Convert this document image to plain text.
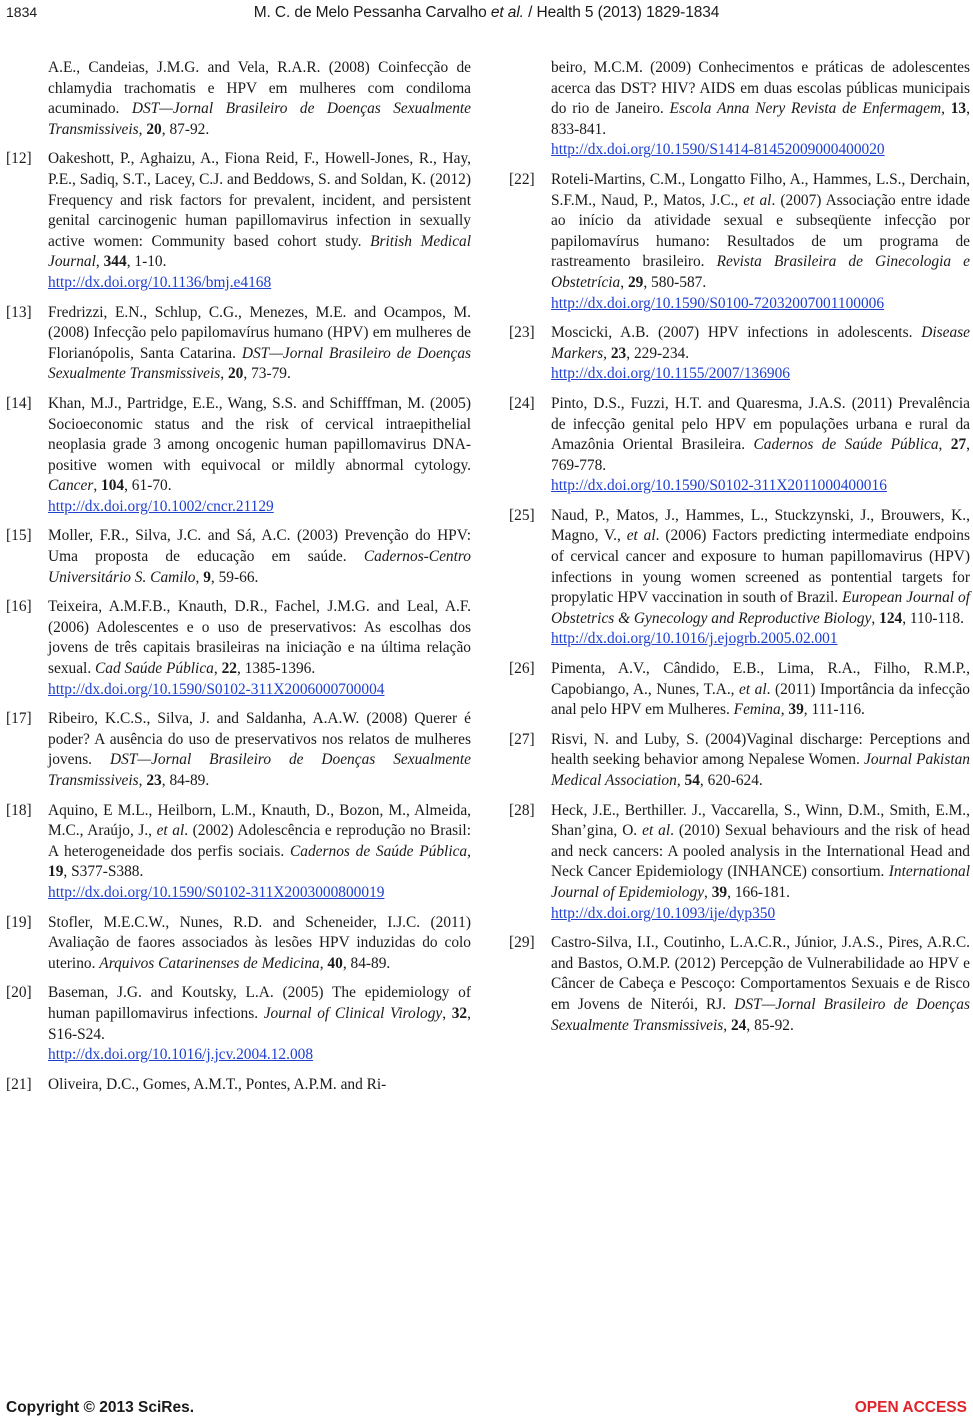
1834	M. C. de Melo Pessanha Carvalho et al. / Health 5 (2013) 1829-1834
A.E., Candeias, J.M.G. and Vela, R.A.R. (2008) Coinfecção de chlamydia trachomatis e HPV em mulheres com condiloma acuminado. DST—Jornal Brasileiro de Doenças Sexualmente Transmissiveis, 20, 87-92.
[12] Oakeshott, P., Aghaizu, A., Fiona Reid, F., Howell-Jones, R., Hay, P.E., Sadiq, S.T., Lacey, C.J. and Beddows, S. and Soldan, K. (2012) Frequency and risk factors for prevalent, incident, and persistent genital carcinogenic human papillomavirus infection in sexually active women: Community based cohort study. British Medical Journal, 344, 1-10.
http://dx.doi.org/10.1136/bmj.e4168
[13] Fredrizzi, E.N., Schlup, C.G., Menezes, M.E. and Ocampos, M. (2008) Infecção pelo papilomavírus humano (HPV) em mulheres de Florianópolis, Santa Catarina. DST—Jornal Brasileiro de Doenças Sexualmente Transmissiveis, 20, 73-79.
[14] Khan, M.J., Partridge, E.E., Wang, S.S. and Schifffman, M. (2005) Socioeconomic status and the risk of cervical intraepithelial neoplasia grade 3 among oncogenic human papillomavirus DNA-positive women with equivocal or mildly abnormal cytology. Cancer, 104, 61-70.
http://dx.doi.org/10.1002/cncr.21129
[15] Moller, F.R., Silva, J.C. and Sá, A.C. (2003) Prevenção do HPV: Uma proposta de educação em saúde. Cadernos-Centro Universitário S. Camilo, 9, 59-66.
[16] Teixeira, A.M.F.B., Knauth, D.R., Fachel, J.M.G. and Leal, A.F. (2006) Adolescentes e o uso de preservativos: As escolhas dos jovens de três capitais brasileiras na iniciação e na última relação sexual. Cad Saúde Pública, 22, 1385-1396.
http://dx.doi.org/10.1590/S0102-311X2006000700004
[17] Ribeiro, K.C.S., Silva, J. and Saldanha, A.A.W. (2008) Querer é poder? A ausência do uso de preservativos nos relatos de mulheres jovens. DST—Jornal Brasileiro de Doenças Sexualmente Transmissiveis, 23, 84-89.
[18] Aquino, E M.L., Heilborn, L.M., Knauth, D., Bozon, M., Almeida, M.C., Araújo, J., et al. (2002) Adolescência e reprodução no Brasil: A heterogeneidade dos perfis sociais. Cadernos de Saúde Pública, 19, S377-S388.
http://dx.doi.org/10.1590/S0102-311X2003000800019
[19] Stofler, M.E.C.W., Nunes, R.D. and Scheneider, I.J.C. (2011) Avaliação de faores associados às lesões HPV induzidas do colo uterino. Arquivos Catarinenses de Medicina, 40, 84-89.
[20] Baseman, J.G. and Koutsky, L.A. (2005) The epidemiology of human papillomavirus infections. Journal of Clinical Virology, 32, S16-S24.
http://dx.doi.org/10.1016/j.jcv.2004.12.008
[21] Oliveira, D.C., Gomes, A.M.T., Pontes, A.P.M. and Ri-
beiro, M.C.M. (2009) Conhecimentos e práticas de adolescentes acerca das DST? HIV? AIDS em duas escolas públicas municipais do rio de Janeiro. Escola Anna Nery Revista de Enfermagem, 13, 833-841.
http://dx.doi.org/10.1590/S1414-81452009000400020
[22] Roteli-Martins, C.M., Longatto Filho, A., Hammes, L.S., Derchain, S.F.M., Naud, P., Matos, J.C., et al. (2007) Associação entre idade ao início da atividade sexual e subseqüente infecção por papilomavírus humano: Resultados de um programa de rastreamento brasileiro. Revista Brasileira de Ginecologia e Obstetrícia, 29, 580-587.
http://dx.doi.org/10.1590/S0100-72032007001100006
[23] Moscicki, A.B. (2007) HPV infections in adolescents. Disease Markers, 23, 229-234.
http://dx.doi.org/10.1155/2007/136906
[24] Pinto, D.S., Fuzzi, H.T. and Quaresma, J.A.S. (2011) Prevalência de infecção genital pelo HPV em populações urbana e rural da Amazônia Oriental Brasileira. Cadernos de Saúde Pública, 27, 769-778.
http://dx.doi.org/10.1590/S0102-311X2011000400016
[25] Naud, P., Matos, J., Hammes, L., Stuckzynski, J., Brouwers, K., Magno, V., et al. (2006) Factors predicting intermediate endpoins of cervical cancer and exposure to human papillomavirus (HPV) infections in young women screened as pontential targets for propylatic HPV vaccination in south of Brazil. European Journal of Obstetrics & Gynecology and Reproductive Biology, 124, 110-118.
http://dx.doi.org/10.1016/j.ejogrb.2005.02.001
[26] Pimenta, A.V., Cândido, E.B., Lima, R.A., Filho, R.M.P., Capobiango, A., Nunes, T.A., et al. (2011) Importância da infecção anal pelo HPV em Mulheres. Femina, 39, 111-116.
[27] Risvi, N. and Luby, S. (2004)Vaginal discharge: Perceptions and health seeking behavior among Nepalese Women. Journal Pakistan Medical Association, 54, 620-624.
[28] Heck, J.E., Berthiller. J., Vaccarella, S., Winn, D.M., Smith, E.M., Shan’gina, O. et al. (2010) Sexual behaviours and the risk of head and neck cancers: A pooled analysis in the International Head and Neck Cancer Epidemiology (INHANCE) consortium. International Journal of Epidemiology, 39, 166-181.
http://dx.doi.org/10.1093/ije/dyp350
[29] Castro-Silva, I.I., Coutinho, L.A.C.R., Júnior, J.A.S., Pires, A.R.C. and Bastos, O.M.P. (2012) Percepção de Vulnerabilidade ao HPV e Câncer de Cabeça e Pescoço: Comportamentos Sexuais e de Risco em Jovens de Niterói, RJ. DST—Jornal Brasileiro de Doenças Sexualmente Transmissiveis, 24, 85-92.
Copyright © 2013 SciRes.	OPEN ACCESS
